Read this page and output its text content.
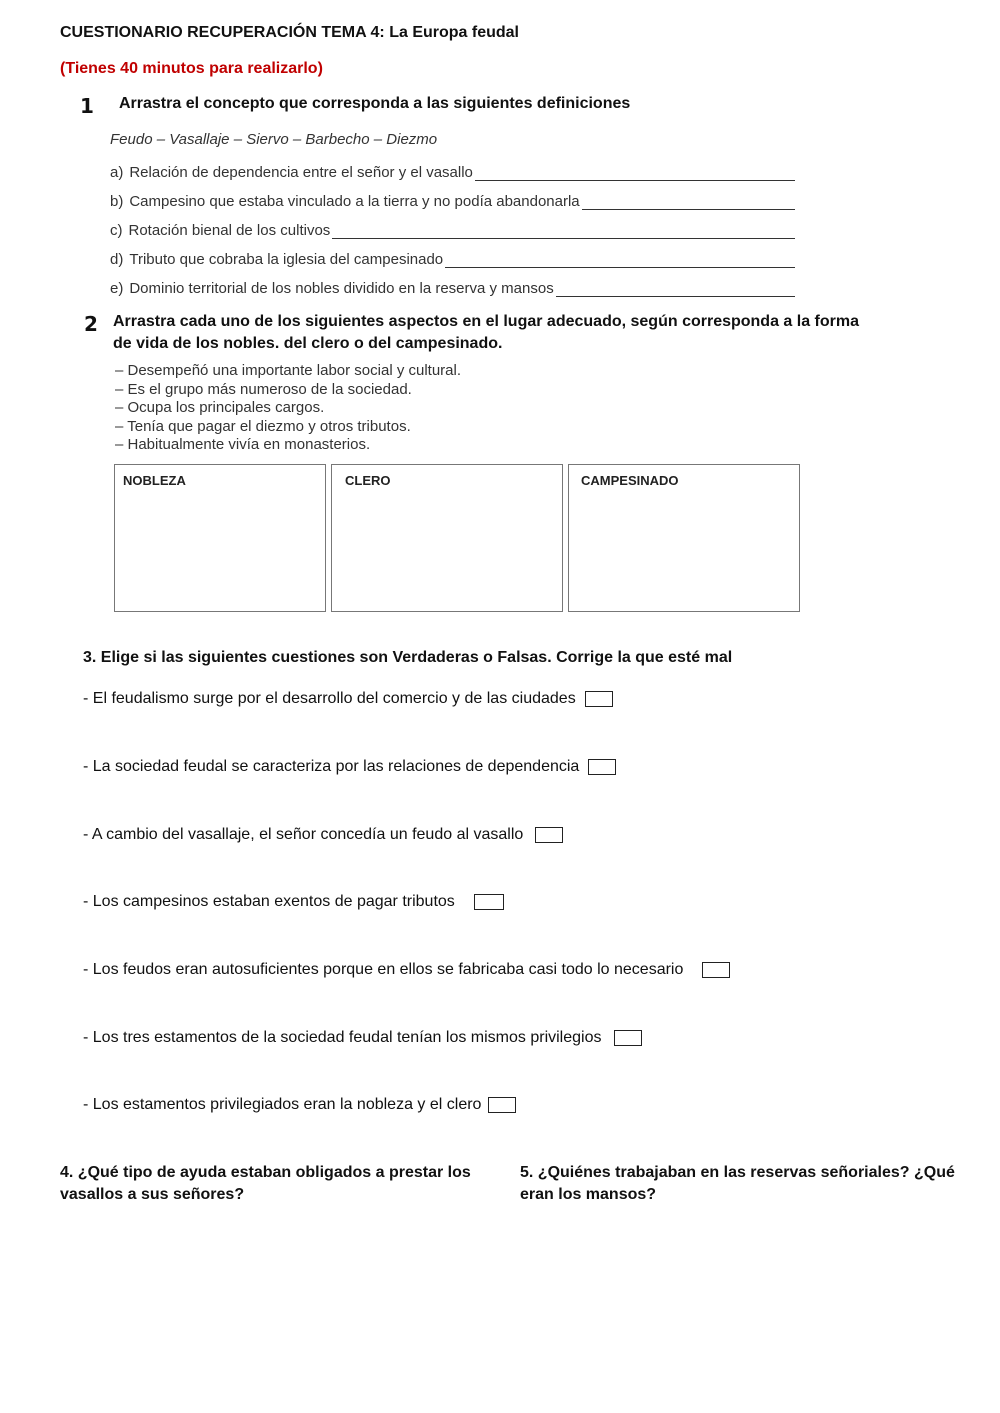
CUESTIONARIO RECUPERACIÓN TEMA 4: La Europa feudal
(Tienes 40 minutos para realizarlo)
1 Arrastra el concepto que corresponda a las siguientes definiciones
Feudo – Vasallaje – Siervo – Barbecho – Diezmo
a) Relación de dependencia entre el señor y el vasallo
b) Campesino que estaba vinculado a la tierra y no podía abandonarla
c) Rotación bienal de los cultivos
d) Tributo que cobraba la iglesia del campesinado
e) Dominio territorial de los nobles dividido en la reserva y mansos
2 Arrastra cada uno de los siguientes aspectos en el lugar adecuado, según corresponda a la forma
de vida de los nobles. del clero o del campesinado.
– Desempeñó una importante labor social y cultural.
– Es el grupo más numeroso de la sociedad.
– Ocupa los principales cargos.
– Tenía que pagar el diezmo y otros tributos.
– Habitualmente vivía en monasterios.
NOBLEZA	CLERO	CAMPESINADO
3. Elige si las siguientes cuestiones son Verdaderas o Falsas. Corrige la que esté mal
- El feudalismo surge por el desarrollo del comercio y de las ciudades
- La sociedad feudal se caracteriza por las relaciones de dependencia
- A cambio del vasallaje, el señor concedía un feudo al vasallo
- Los campesinos estaban exentos de pagar tributos
- Los feudos eran autosuficientes porque en ellos se fabricaba casi todo lo necesario
- Los tres estamentos de la sociedad feudal tenían los mismos privilegios
- Los estamentos privilegiados eran la nobleza y el clero
4. ¿Qué tipo de ayuda estaban obligados a prestar los
vasallos a sus señores?
5. ¿Quiénes trabajaban en las reservas señoriales? ¿Qué
eran los mansos?
